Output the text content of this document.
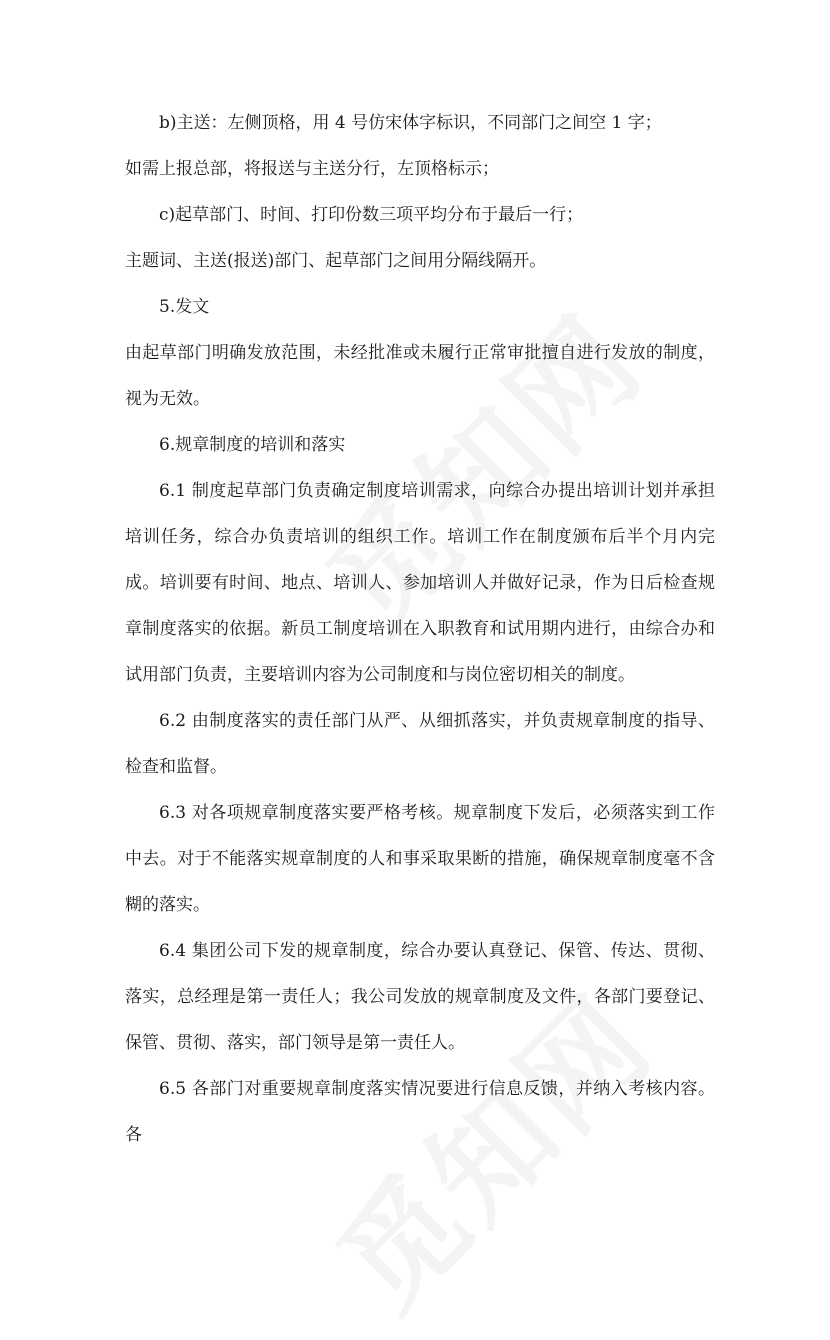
b)主送：左侧顶格，用 4 号仿宋体字标识，不同部门之间空 1 字；

如需上报总部，将报送与主送分行，左顶格标示；

c)起草部门、时间、打印份数三项平均分布于最后一行；

主题词、主送(报送)部门、起草部门之间用分隔线隔开。

5.发文

由起草部门明确发放范围，未经批准或未履行正常审批擅自进行发放的制度，视为无效。

6.规章制度的培训和落实

6.1 制度起草部门负责确定制度培训需求，向综合办提出培训计划并承担培训任务，综合办负责培训的组织工作。培训工作在制度颁布后半个月内完成。培训要有时间、地点、培训人、参加培训人并做好记录，作为日后检查规章制度落实的依据。新员工制度培训在入职教育和试用期内进行，由综合办和试用部门负责，主要培训内容为公司制度和与岗位密切相关的制度。

6.2 由制度落实的责任部门从严、从细抓落实，并负责规章制度的指导、检查和监督。

6.3 对各项规章制度落实要严格考核。规章制度下发后，必须落实到工作中去。对于不能落实规章制度的人和事采取果断的措施，确保规章制度毫不含糊的落实。

6.4 集团公司下发的规章制度，综合办要认真登记、保管、传达、贯彻、落实，总经理是第一责任人；我公司发放的规章制度及文件，各部门要登记、保管、贯彻、落实，部门领导是第一责任人。

6.5 各部门对重要规章制度落实情况要进行信息反馈，并纳入考核内容。各
